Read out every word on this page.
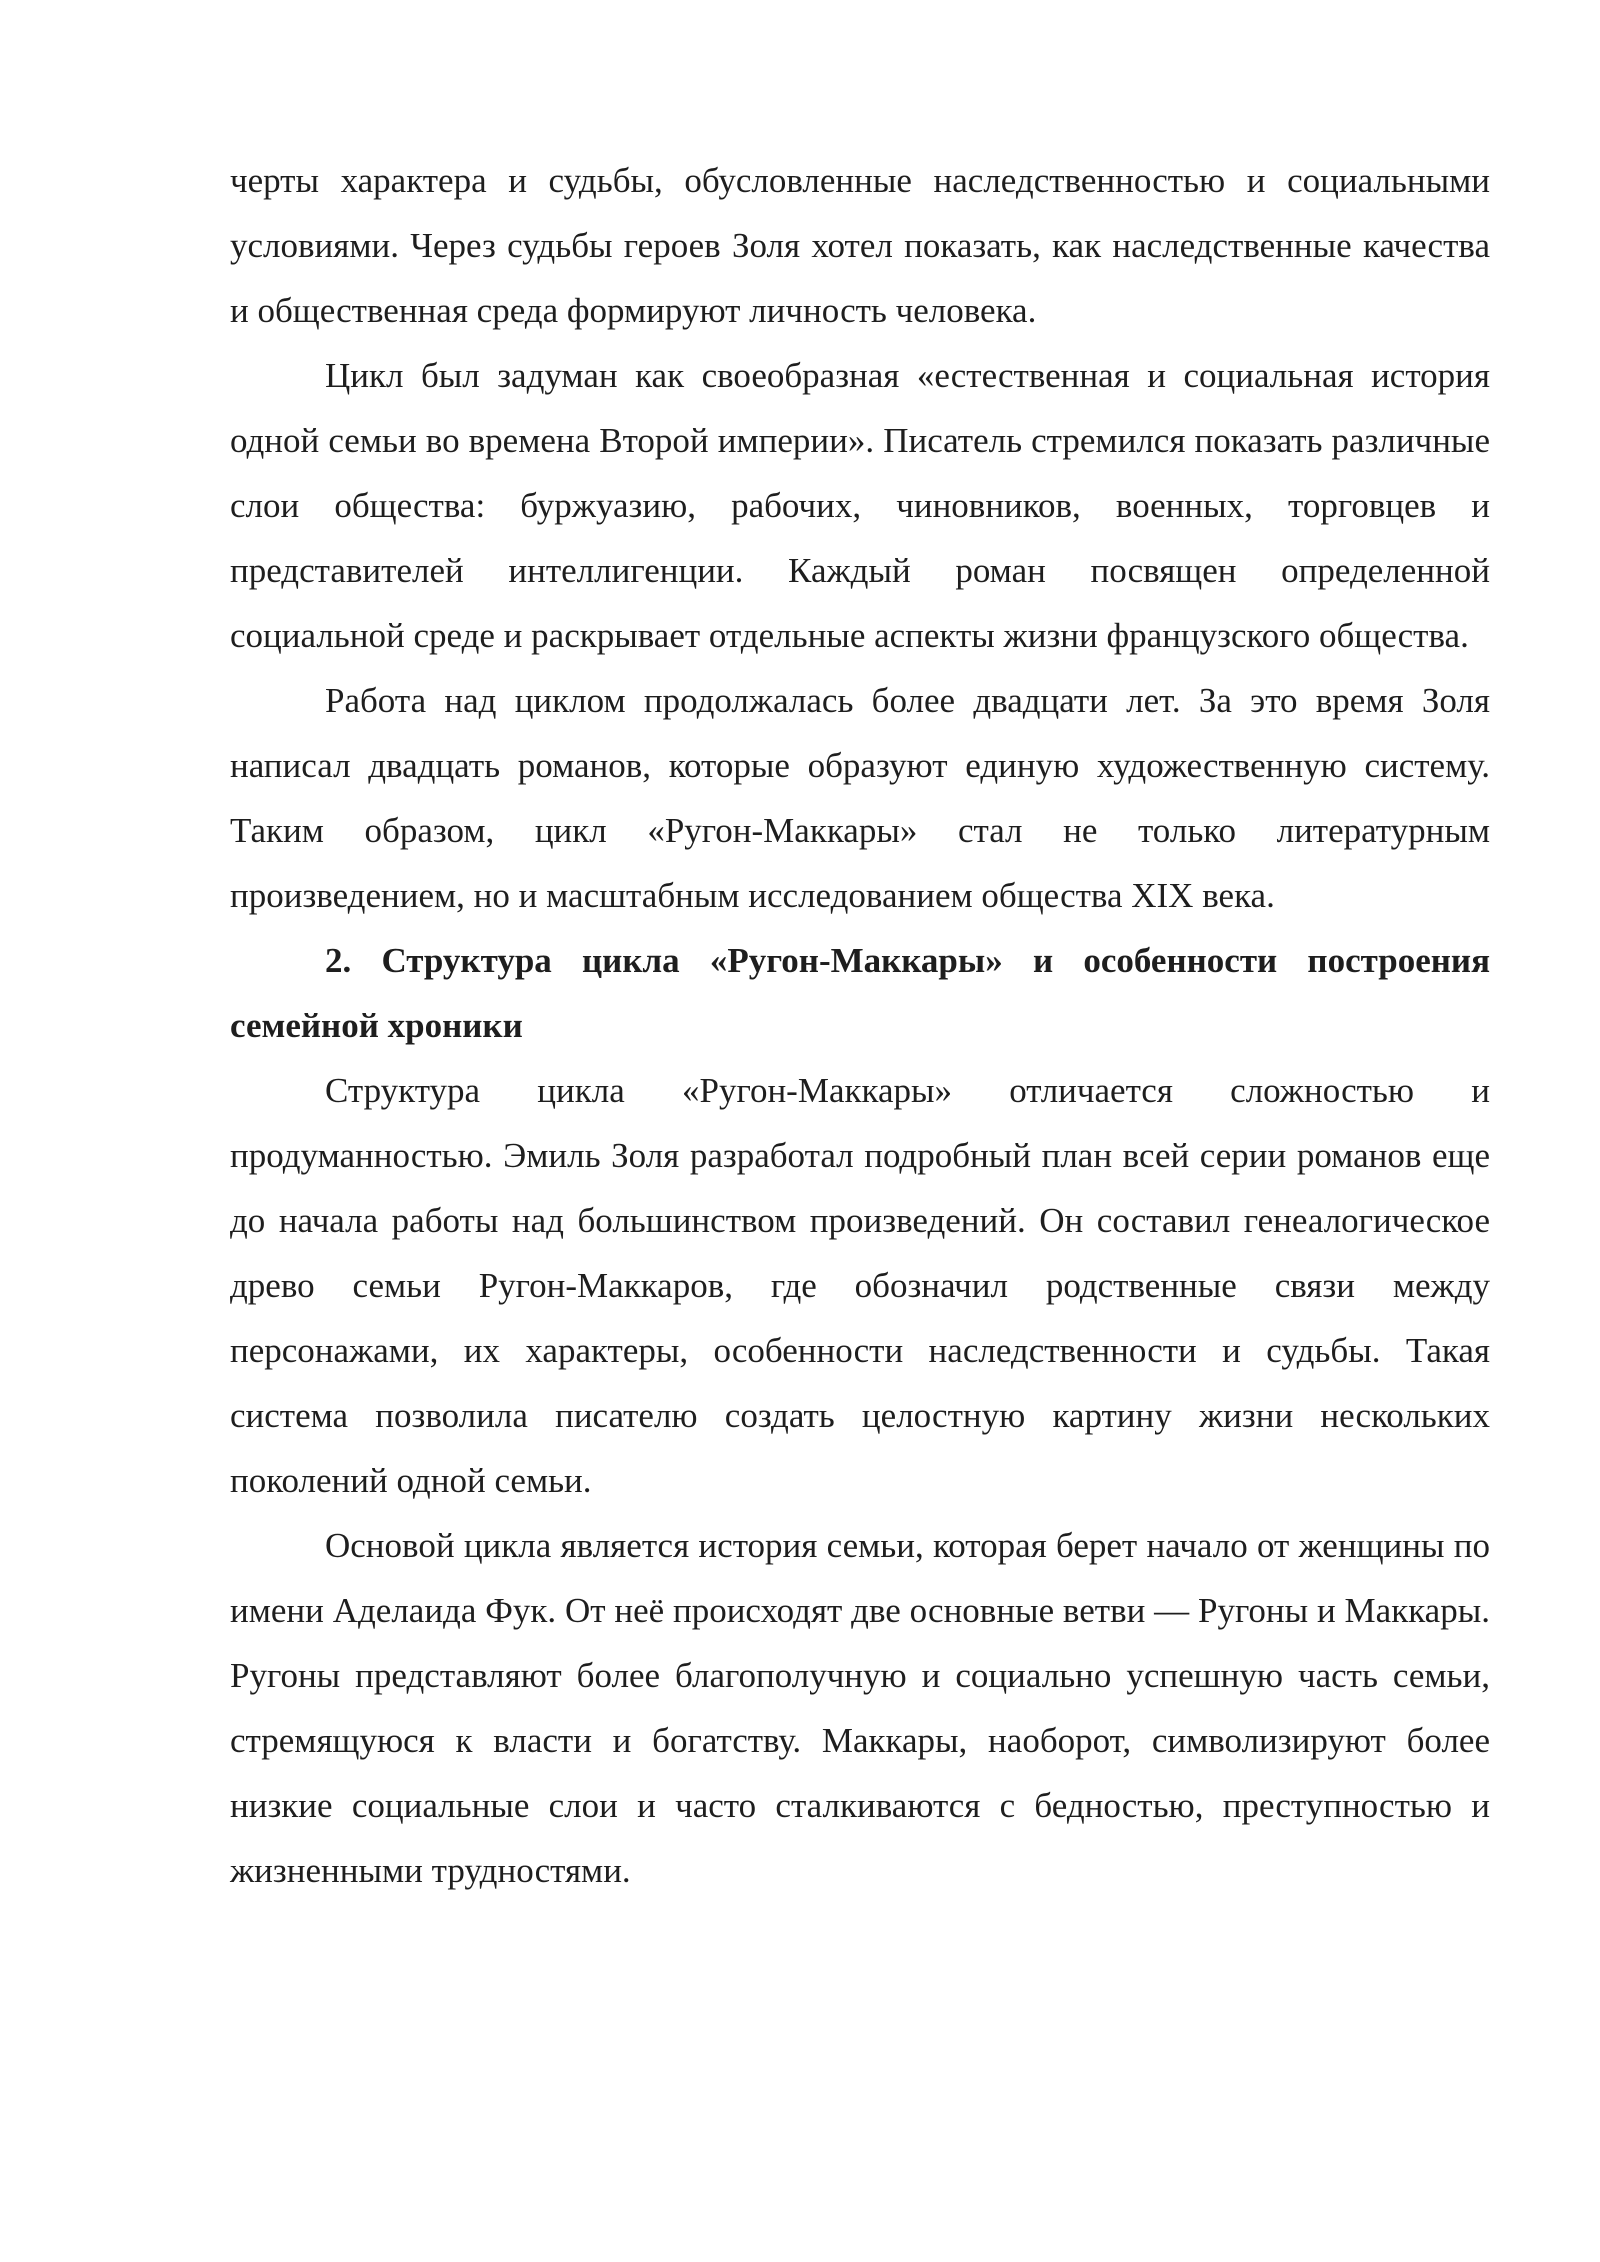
черты характера и судьбы, обусловленные наследственностью и социальными условиями. Через судьбы героев Золя хотел показать, как наследственные качества и общественная среда формируют личность человека.

Цикл был задуман как своеобразная «естественная и социальная история одной семьи во времена Второй империи». Писатель стремился показать различные слои общества: буржуазию, рабочих, чиновников, военных, торговцев и представителей интеллигенции. Каждый роман посвящен определенной социальной среде и раскрывает отдельные аспекты жизни французского общества.

Работа над циклом продолжалась более двадцати лет. За это время Золя написал двадцать романов, которые образуют единую художественную систему. Таким образом, цикл «Ругон-Маккары» стал не только литературным произведением, но и масштабным исследованием общества XIX века.

2. Структура цикла «Ругон-Маккары» и особенности построения семейной хроники

Структура цикла «Ругон-Маккары» отличается сложностью и продуманностью. Эмиль Золя разработал подробный план всей серии романов еще до начала работы над большинством произведений. Он составил генеалогическое древо семьи Ругон-Маккаров, где обозначил родственные связи между персонажами, их характеры, особенности наследственности и судьбы. Такая система позволила писателю создать целостную картину жизни нескольких поколений одной семьи.

Основой цикла является история семьи, которая берет начало от женщины по имени Аделаида Фук. От неё происходят две основные ветви — Ругоны и Маккары. Ругоны представляют более благополучную и социально успешную часть семьи, стремящуюся к власти и богатству. Маккары, наоборот, символизируют более низкие социальные слои и часто сталкиваются с бедностью, преступностью и жизненными трудностями.
